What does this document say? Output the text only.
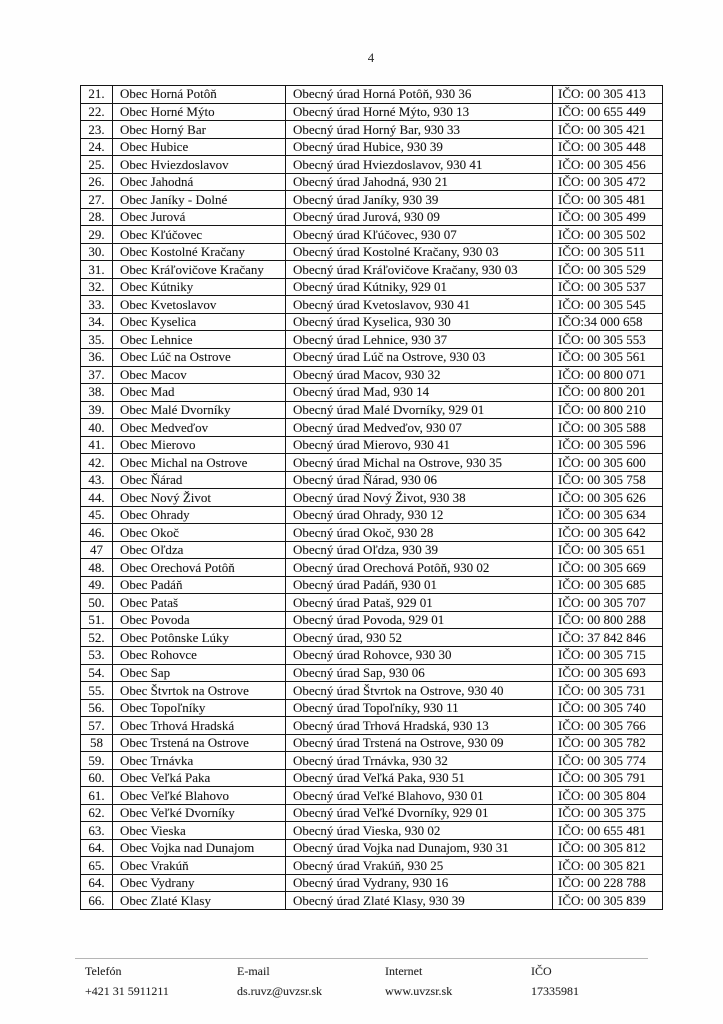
4
21.	Obec Horná Potôň	Obecný úrad Horná Potôň, 930 36	IČO: 00 305 413
22.	Obec Horné Mýto	Obecný úrad Horné Mýto, 930 13	IČO: 00 655 449
23.	Obec Horný Bar	Obecný úrad Horný Bar, 930 33	IČO: 00 305 421
24.	Obec Hubice	Obecný úrad Hubice, 930 39	IČO: 00 305 448
25.	Obec Hviezdoslavov	Obecný úrad Hviezdoslavov, 930 41	IČO: 00 305 456
26.	Obec Jahodná	Obecný úrad Jahodná, 930 21	IČO: 00 305 472
27.	Obec Janíky - Dolné	Obecný úrad Janíky, 930 39	IČO: 00 305 481
28.	Obec Jurová	Obecný úrad Jurová, 930 09	IČO: 00 305 499
29.	Obec Kľúčovec	Obecný úrad Kľúčovec, 930 07	IČO: 00 305 502
30.	Obec Kostolné Kračany	Obecný úrad Kostolné Kračany, 930 03	IČO: 00 305 511
31.	Obec Kráľovičove Kračany	Obecný úrad Kráľovičove Kračany, 930 03	IČO: 00 305 529
32.	Obec Kútniky	Obecný úrad Kútniky, 929 01	IČO: 00 305 537
33.	Obec Kvetoslavov	Obecný úrad Kvetoslavov, 930 41	IČO: 00 305 545
34.	Obec Kyselica	Obecný úrad Kyselica, 930 30	IČO:34 000 658
35.	Obec Lehnice	Obecný úrad Lehnice, 930 37	IČO: 00 305 553
36.	Obec Lúč na Ostrove	Obecný úrad Lúč na Ostrove, 930 03	IČO: 00 305 561
37.	Obec Macov	Obecný úrad Macov, 930 32	IČO: 00 800 071
38.	Obec Mad	Obecný úrad Mad, 930 14	IČO: 00 800 201
39.	Obec Malé Dvorníky	Obecný úrad Malé Dvorníky, 929 01	IČO: 00 800 210
40.	Obec Medveďov	Obecný úrad Medveďov, 930 07	IČO: 00 305 588
41.	Obec Mierovo	Obecný úrad Mierovo, 930 41	IČO: 00 305 596
42.	Obec Michal na Ostrove	Obecný úrad Michal na Ostrove, 930 35	IČO: 00 305 600
43.	Obec Ňárad	Obecný úrad Ňárad, 930 06	IČO: 00 305 758
44.	Obec Nový Život	Obecný úrad Nový Život, 930 38	IČO: 00 305 626
45.	Obec Ohrady	Obecný úrad Ohrady, 930 12	IČO: 00 305 634
46.	Obec Okoč	Obecný úrad Okoč, 930 28	IČO: 00 305 642
47	Obec Oľdza	Obecný úrad Oľdza, 930 39	IČO: 00 305 651
48.	Obec Orechová Potôň	Obecný úrad Orechová Potôň, 930 02	IČO: 00 305 669
49.	Obec Padáň	Obecný úrad Padáň, 930 01	IČO: 00 305 685
50.	Obec Pataš	Obecný úrad Pataš, 929 01	IČO: 00 305 707
51.	Obec Povoda	Obecný úrad Povoda, 929 01	IČO: 00 800 288
52.	Obec Potônske Lúky	Obecný úrad, 930 52	IČO: 37 842 846
53.	Obec Rohovce	Obecný úrad Rohovce, 930 30	IČO: 00 305 715
54.	Obec Sap	Obecný úrad Sap, 930 06	IČO: 00 305 693
55.	Obec Štvrtok na Ostrove	Obecný úrad Štvrtok na Ostrove, 930 40	IČO: 00 305 731
56.	Obec Topoľníky	Obecný úrad Topoľníky, 930 11	IČO: 00 305 740
57.	Obec Trhová Hradská	Obecný úrad Trhová Hradská, 930 13	IČO: 00 305 766
58	Obec Trstená na Ostrove	Obecný úrad Trstená na Ostrove, 930 09	IČO: 00 305 782
59.	Obec Trnávka	Obecný úrad Trnávka, 930 32	IČO: 00 305 774
60.	Obec Veľká Paka	Obecný úrad Veľká Paka, 930 51	IČO: 00 305 791
61.	Obec Veľké Blahovo	Obecný úrad Veľké Blahovo, 930 01	IČO: 00 305 804
62.	Obec Veľké Dvorníky	Obecný úrad Veľké Dvorníky, 929 01	IČO: 00 305 375
63.	Obec Vieska	Obecný úrad Vieska, 930 02	IČO: 00 655 481
64.	Obec Vojka nad Dunajom	Obecný úrad Vojka nad Dunajom, 930 31	IČO: 00 305 812
65.	Obec Vrakúň	Obecný úrad Vrakúň, 930 25	IČO: 00 305 821
64.	Obec Vydrany	Obecný úrad Vydrany, 930 16	IČO: 00 228 788
66.	Obec Zlaté Klasy	Obecný úrad Zlaté Klasy, 930 39	IČO: 00 305 839
Telefón
+421 31 5911211
E-mail
ds.ruvz@uvzsr.sk
Internet
www.uvzsr.sk
IČO
17335981
